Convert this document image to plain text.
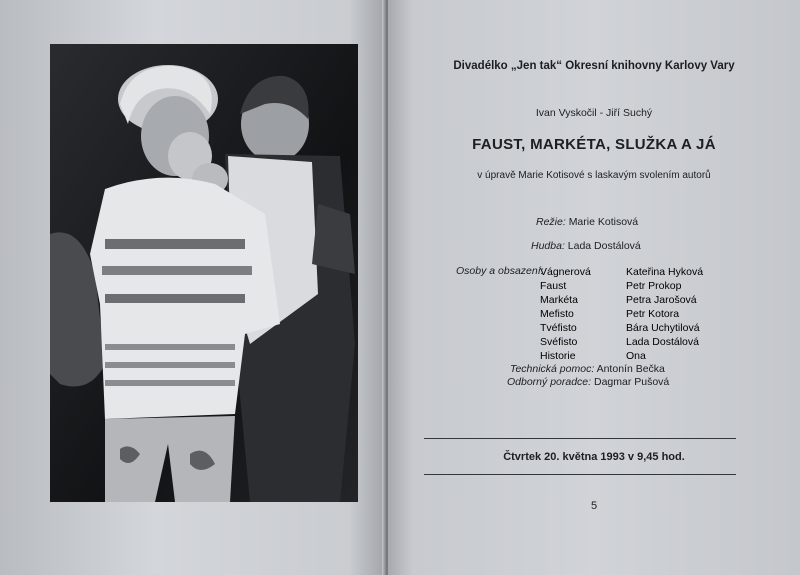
Divadélko „Jen tak“ Okresní knihovny Karlovy Vary
Ivan Vyskočil - Jiří Suchý
FAUST, MARKÉTA, SLUŽKA A JÁ
v úpravě Marie Kotisové s laskavým svolením autorů
Režie: Marie Kotisová
Hudba: Lada Dostálová
Osoby a obsazení:
Vágnerová
Faust
Markéta
Mefisto
Tvéfisto
Svéfisto
Historie
Kateřina Hyková
Petr Prokop
Petra Jarošová
Petr Kotora
Bára Uchytilová
Lada Dostálová
Ona
Technická pomoc: Antonín Bečka
Odborný poradce: Dagmar Pušová
Čtvrtek 20. května 1993 v 9,45 hod.
5
